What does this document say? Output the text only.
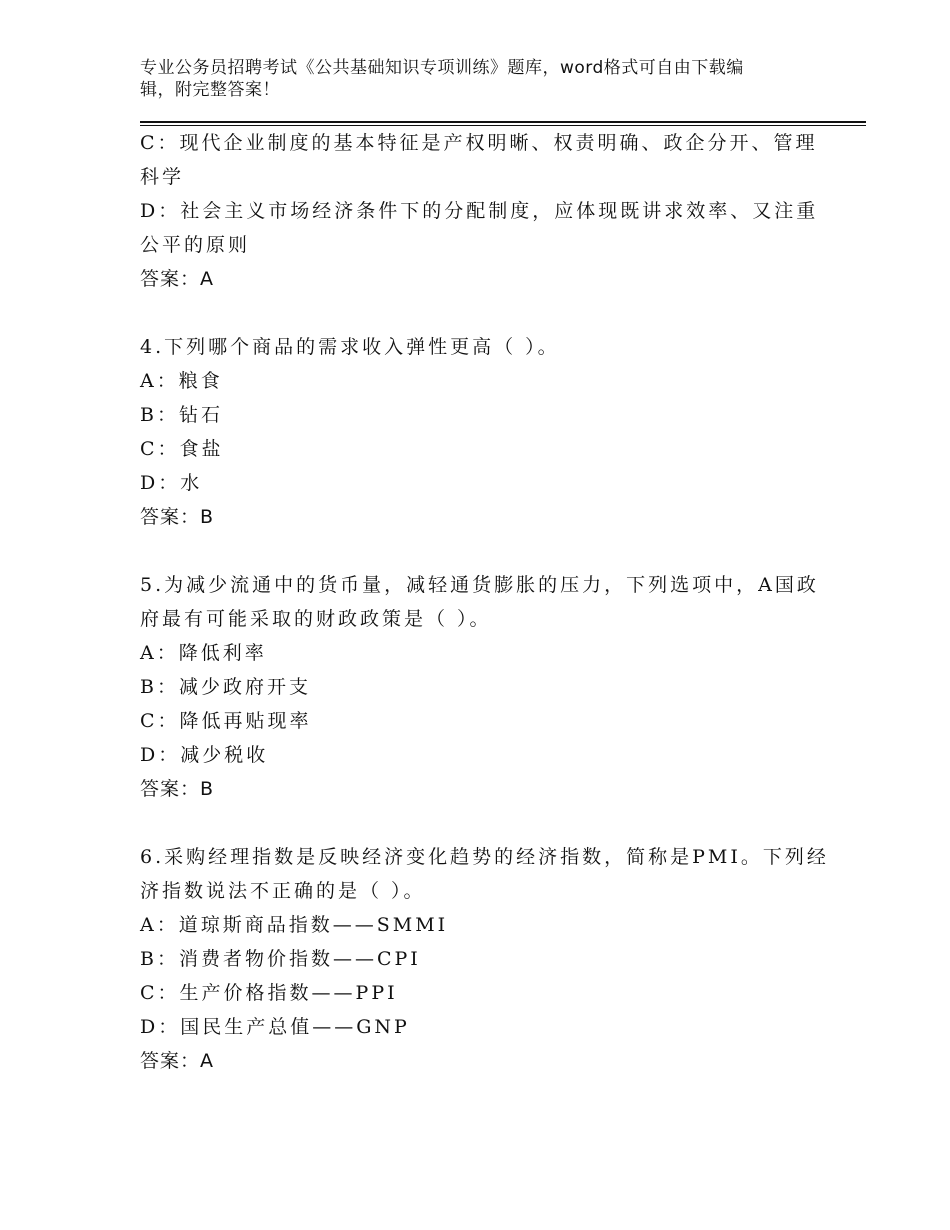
专业公务员招聘考试《公共基础知识专项训练》题库，word格式可自由下载编
辑，附完整答案！
C：现代企业制度的基本特征是产权明晰、权责明确、政企分开、管理
科学
D：社会主义市场经济条件下的分配制度，应体现既讲求效率、又注重
公平的原则
答案：A
4.下列哪个商品的需求收入弹性更高（ ）。
A：粮食
B：钻石
C：食盐
D：水
答案：B
5.为减少流通中的货币量，减轻通货膨胀的压力，下列选项中，A国政
府最有可能采取的财政政策是（ ）。
A：降低利率
B：减少政府开支
C：降低再贴现率
D：减少税收
答案：B
6.采购经理指数是反映经济变化趋势的经济指数，简称是PMI。下列经
济指数说法不正确的是（ ）。
A：道琼斯商品指数——SMMI
B：消费者物价指数——CPI
C：生产价格指数——PPI
D：国民生产总值——GNP
答案：A
